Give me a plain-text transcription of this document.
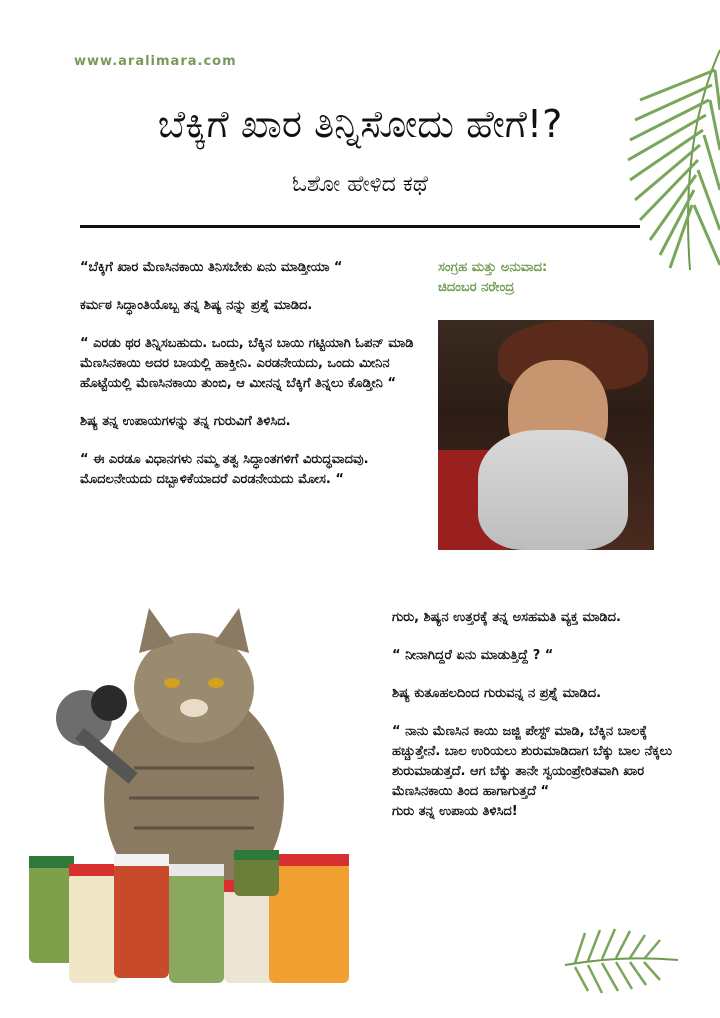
www.aralimara.com
ಬೆಕ್ಕಿಗೆ ಖಾರ ತಿನ್ನಿಸೋದು ಹೇಗೆ!?
ಓಶೋ ಹೇಳಿದ ಕಥೆ

“ಬೆಕ್ಕಿಗೆ ಖಾರ ಮೆಣಸಿನಕಾಯಿ ತಿನಿಸಬೇಕು ಏನು ಮಾಡ್ತೀಯಾ “

ಕರ್ಮಠ ಸಿದ್ಧಾಂತಿಯೊಬ್ಬ ತನ್ನ ಶಿಷ್ಯ ನನ್ನು ಪ್ರಶ್ನೆ ಮಾಡಿದ.

“ ಎರಡು ಥರ ತಿನ್ನಿಸಬಹುದು. ಒಂದು, ಬೆಕ್ಕಿನ ಬಾಯಿ ಗಟ್ಟಿಯಾಗಿ ಓಪನ್ ಮಾಡಿ ಮೆಣಸಿನಕಾಯಿ ಅದರ ಬಾಯಲ್ಲಿ ಹಾಕ್ತೀನಿ. ಎರಡನೇಯದು, ಒಂದು ಮೀನಿನ ಹೊಟ್ಟೆಯಲ್ಲಿ ಮೆಣಸಿನಕಾಯಿ ತುಂಬಿ, ಆ ಮೀನನ್ನ ಬೆಕ್ಕಿಗೆ ತಿನ್ನಲು ಕೊಡ್ತೀನಿ “

ಶಿಷ್ಯ ತನ್ನ ಉಪಾಯಗಳನ್ನು ತನ್ನ ಗುರುವಿಗೆ ತಿಳಿಸಿದ.

“ ಈ ಎರಡೂ ವಿಧಾನಗಳು ನಮ್ಮ ತತ್ವ ಸಿದ್ಧಾಂತಗಳಿಗೆ ವಿರುದ್ಧವಾದವು. ಮೊದಲನೇಯದು ದಬ್ಬಾಳಿಕೆಯಾದರೆ ಎರಡನೇಯದು ಮೋಸ. “

ಸಂಗ್ರಹ ಮತ್ತು ಅನುವಾದ:
ಚಿದಂಬರ ನರೇಂದ್ರ

ಗುರು, ಶಿಷ್ಯನ ಉತ್ತರಕ್ಕೆ ತನ್ನ ಅಸಹಮತಿ ವ್ಯಕ್ತ ಮಾಡಿದ.

“ ನೀನಾಗಿದ್ದರೆ ಏನು ಮಾಡುತ್ತಿದ್ದೆ ? “

ಶಿಷ್ಯ ಕುತೂಹಲದಿಂದ ಗುರುವನ್ನ ನ ಪ್ರಶ್ನೆ ಮಾಡಿದ.

“ ನಾನು ಮೆಣಸಿನ ಕಾಯಿ ಜಜ್ಜಿ ಪೇಸ್ಟ್ ಮಾಡಿ, ಬೆಕ್ಕಿನ ಬಾಲಕ್ಕೆ ಹಚ್ಚುತ್ತೇನೆ. ಬಾಲ ಉರಿಯಲು ಶುರುಮಾಡಿದಾಗ ಬೆಕ್ಕು ಬಾಲ ನೆಕ್ಕಲು ಶುರುಮಾಡುತ್ತದೆ. ಆಗ ಬೆಕ್ಕು ತಾನೇ ಸ್ವಯಂಪ್ರೇರಿತವಾಗಿ ಖಾರ ಮೆಣಸಿನಕಾಯಿ ತಿಂದ ಹಾಗಾಗುತ್ತದೆ “

ಗುರು ತನ್ನ ಉಪಾಯ ತಿಳಿಸಿದ!
